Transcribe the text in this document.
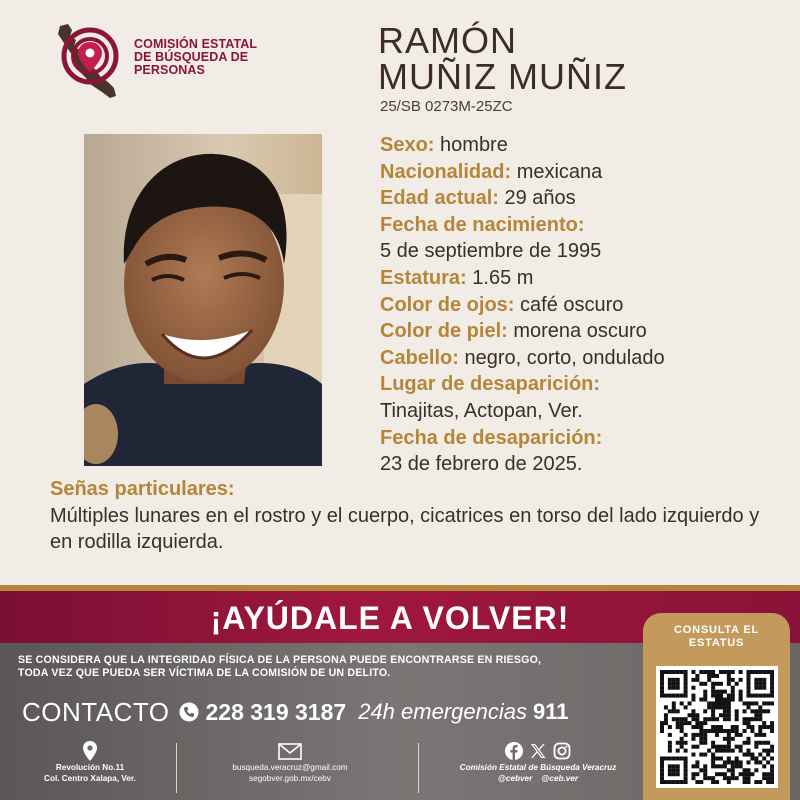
COMISIÓN ESTATAL
DE BÚSQUEDA DE
PERSONAS
RAMÓN
MUÑIZ MUÑIZ
25/SB 0273M-25ZC
Sexo: hombre
Nacionalidad: mexicana
Edad actual: 29 años
Fecha de nacimiento:
5 de septiembre de 1995
Estatura: 1.65 m
Color de ojos: café oscuro
Color de piel: morena oscuro
Cabello: negro, corto, ondulado
Lugar de desaparición:
Tinajitas, Actopan, Ver.
Fecha de desaparición:
23 de febrero de 2025.
Señas particulares:
Múltiples lunares en el rostro y el cuerpo, cicatrices en torso del lado izquierdo y en rodilla izquierda.
¡AYÚDALE A VOLVER!
SE CONSIDERA QUE LA INTEGRIDAD FÍSICA DE LA PERSONA PUEDE ENCONTRARSE EN RIESGO,
TODA VEZ QUE PUEDA SER VÍCTIMA DE LA COMISIÓN DE UN DELITO.
CONTACTO 228 319 3187 24h emergencias 911
Revolución No.11
Col. Centro Xalapa, Ver.
busqueda.veracruz@gmail.com
segobver.gob.mx/cebv
Comisión Estatal de Búsqueda Veracruz
@cebver @ceb.ver
CONSULTA EL
ESTATUS
